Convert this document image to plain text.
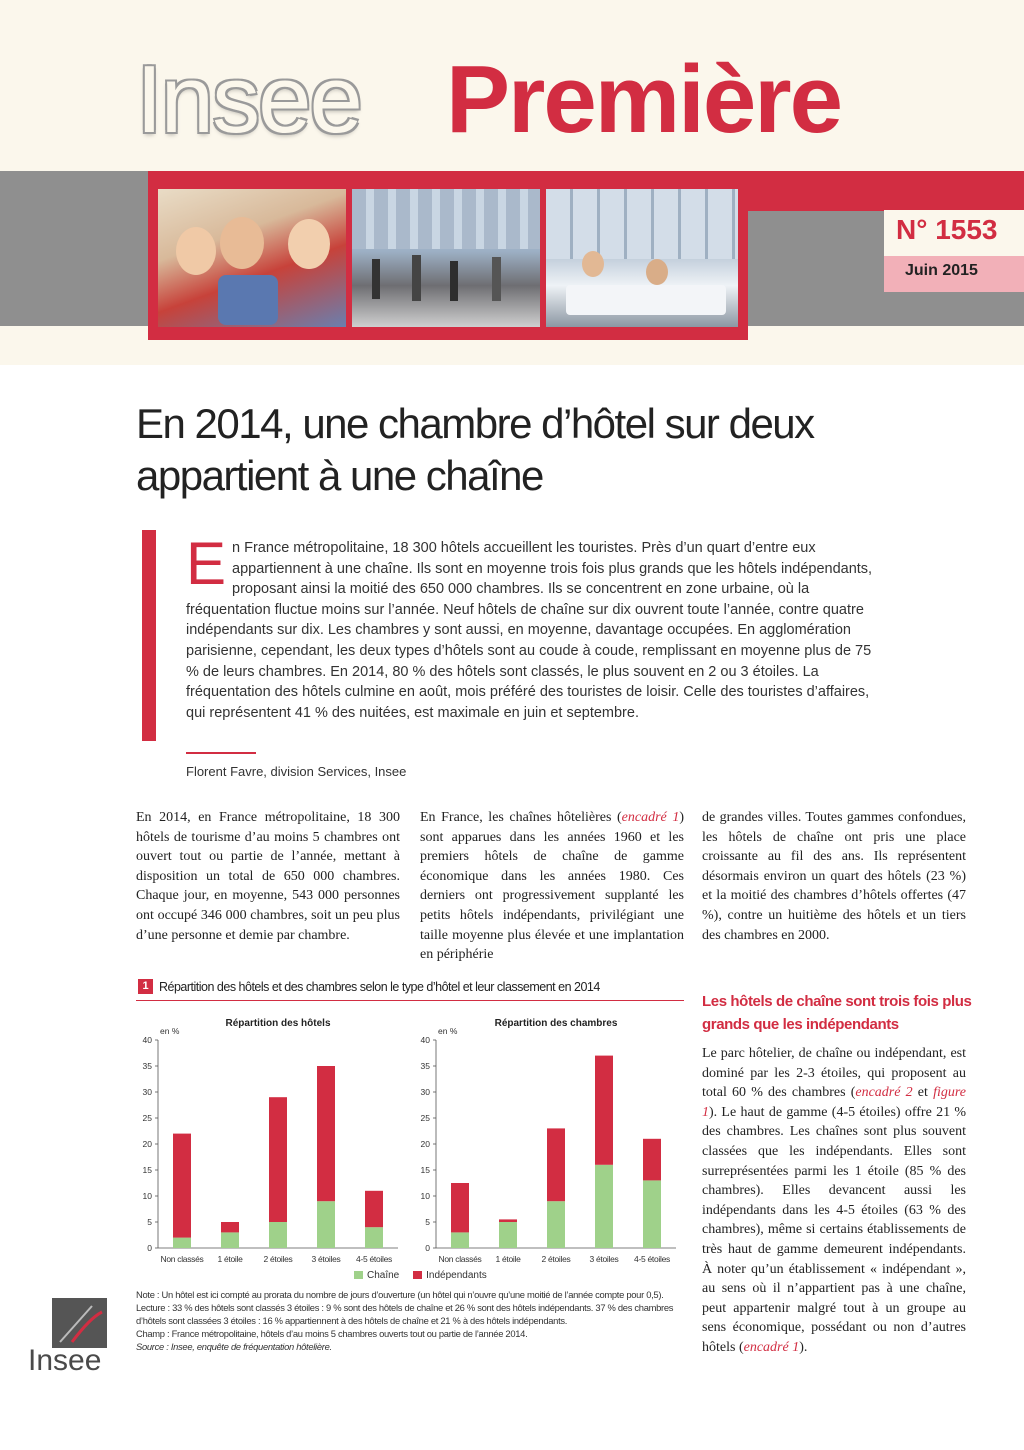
Insee Première
N° 1553
Juin 2015
En 2014, une chambre d’hôtel sur deux appartient à une chaîne
En France métropolitaine, 18 300 hôtels accueillent les touristes. Près d’un quart d’entre eux appartiennent à une chaîne. Ils sont en moyenne trois fois plus grands que les hôtels indépendants, proposant ainsi la moitié des 650 000 chambres. Ils se concentrent en zone urbaine, où la fréquentation fluctue moins sur l’année. Neuf hôtels de chaîne sur dix ouvrent toute l’année, contre quatre indépendants sur dix. Les chambres y sont aussi, en moyenne, davantage occupées. En agglomération parisienne, cependant, les deux types d’hôtels sont au coude à coude, remplissant en moyenne plus de 75 % de leurs chambres. En 2014, 80 % des hôtels sont classés, le plus souvent en 2 ou 3 étoiles. La fréquentation des hôtels culmine en août, mois préféré des touristes de loisir. Celle des touristes d’affaires, qui représentent 41 % des nuitées, est maximale en juin et septembre.
Florent Favre, division Services, Insee
En 2014, en France métropolitaine, 18 300 hôtels de tourisme d’au moins 5 chambres ont ouvert tout ou partie de l’année, mettant à disposition un total de 650 000 chambres. Chaque jour, en moyenne, 543 000 personnes ont occupé 346 000 chambres, soit un peu plus d’une personne et demie par chambre.
En France, les chaînes hôtelières (encadré 1) sont apparues dans les années 1960 et les premiers hôtels de chaîne de gamme économique dans les années 1980. Ces derniers ont progressivement supplanté les petits hôtels indépendants, privilégiant une taille moyenne plus élevée et une implantation en périphérie
de grandes villes. Toutes gammes confondues, les hôtels de chaîne ont pris une place croissante au fil des ans. Ils représentent désormais environ un quart des hôtels (23 %) et la moitié des chambres d’hôtels offertes (47 %), contre un huitième des hôtels et un tiers des chambres en 2000.
Les hôtels de chaîne sont trois fois plus grands que les indépendants
Le parc hôtelier, de chaîne ou indépendant, est dominé par les 2-3 étoiles, qui proposent au total 60 % des chambres (encadré 2 et figure 1). Le haut de gamme (4-5 étoiles) offre 21 % des chambres. Les chaînes sont plus souvent classées que les indépendants. Elles sont surreprésentées parmi les 1 étoile (85 % des chambres). Elles devancent aussi les indépendants dans les 4-5 étoiles (63 % des chambres), même si certains établissements de très haut de gamme demeurent indépendants. À noter qu’un établissement « indépendant », au sens où il n’appartient pas à une chaîne, peut appartenir malgré tout à un groupe au sens économique, possédant ou non d’autres hôtels (encadré 1).
1 Répartition des hôtels et des chambres selon le type d’hôtel et leur classement en 2014
Répartition des hôtels
en %
0
5
10
15
20
25
30
35
40
Non classés 1 étoile 2 étoiles 3 étoiles 4-5 étoiles
Répartition des chambres
en %
0
5
10
15
20
25
30
35
40
Non classés 1 étoile 2 étoiles 3 étoiles 4-5 étoiles
Chaîne	Indépendants
Note : Un hôtel est ici compté au prorata du nombre de jours d’ouverture (un hôtel qui n’ouvre qu’une moitié de l’année compte pour 0,5).
Lecture : 33 % des hôtels sont classés 3 étoiles : 9 % sont des hôtels de chaîne et 26 % sont des hôtels indépendants. 37 % des chambres d’hôtels sont classées 3 étoiles : 16 % appartiennent à des hôtels de chaîne et 21 % à des hôtels indépendants.
Champ : France métropolitaine, hôtels d’au moins 5 chambres ouverts tout ou partie de l’année 2014.
Source : Insee, enquête de fréquentation hôtelière.
Insee
